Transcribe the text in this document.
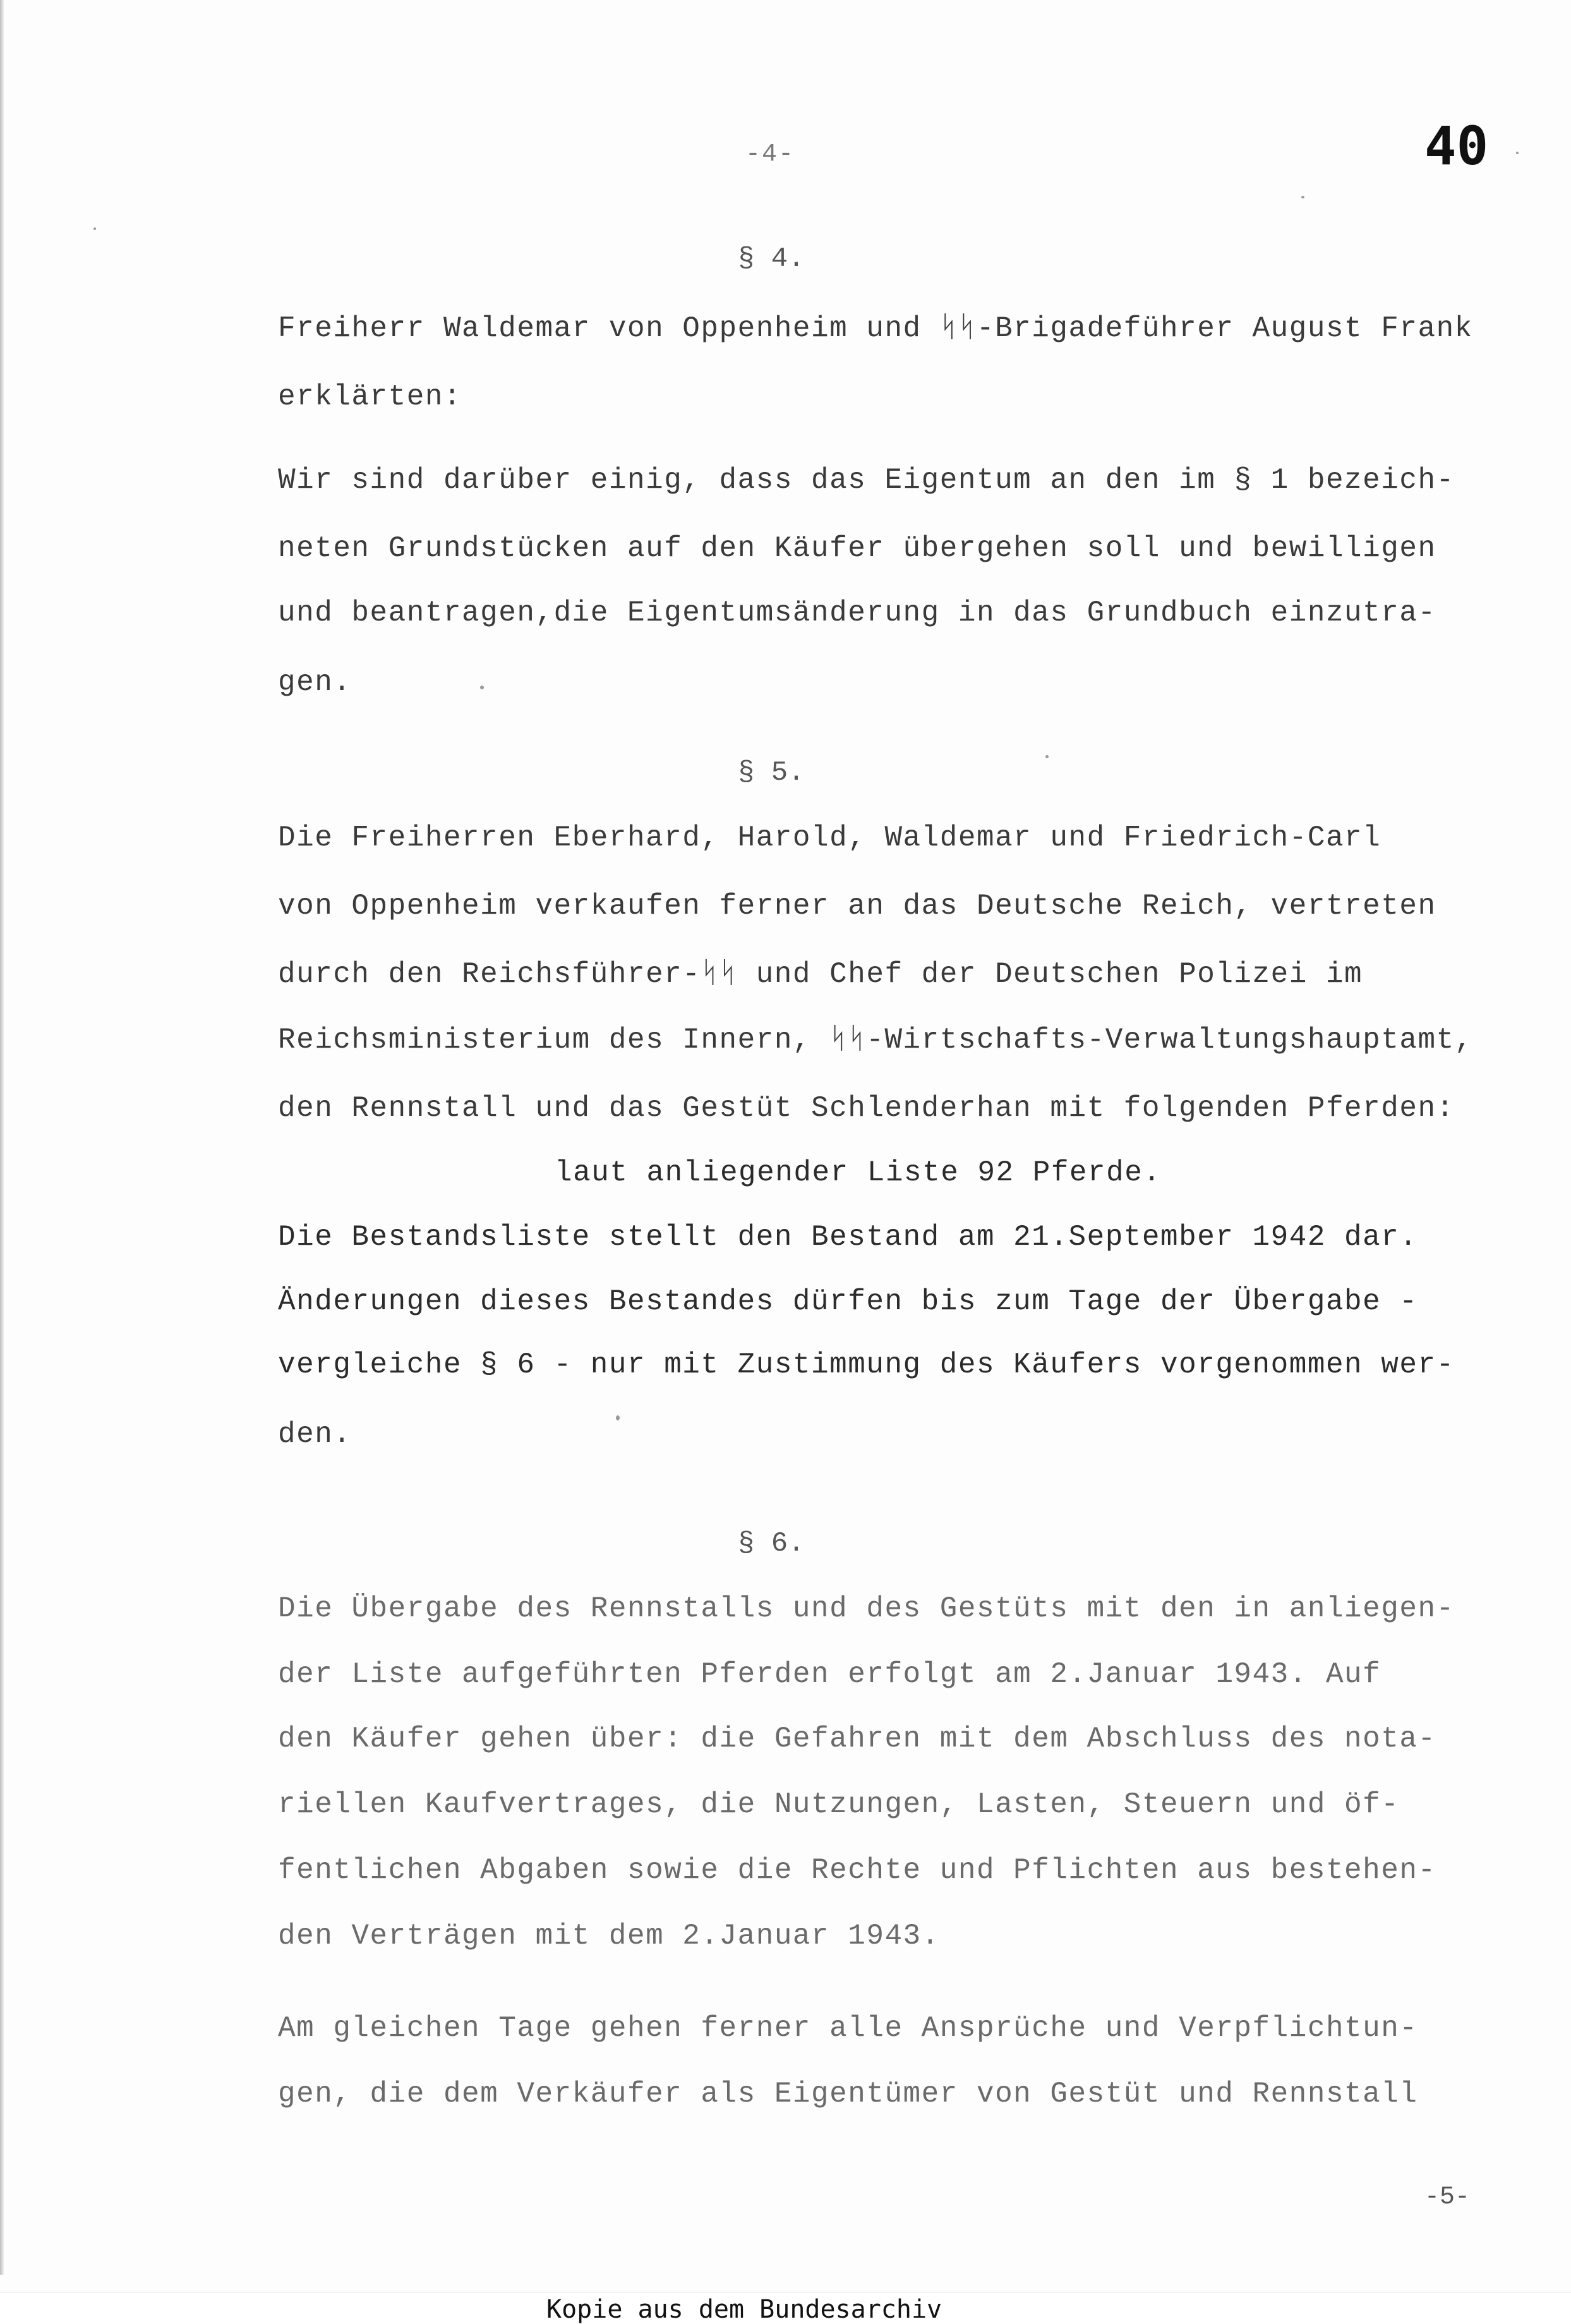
-4-	40
§ 4.
Freiherr Waldemar von Oppenheim und ᛋᛋ-Brigadeführer August Frank
erklärten:
Wir sind darüber einig, dass das Eigentum an den im § 1 bezeich-
neten Grundstücken auf den Käufer übergehen soll und bewilligen
und beantragen,die Eigentumsänderung in das Grundbuch einzutra-
gen.
§ 5.
Die Freiherren Eberhard, Harold, Waldemar und Friedrich-Carl
von Oppenheim verkaufen ferner an das Deutsche Reich, vertreten
durch den Reichsführer-ᛋᛋ und Chef der Deutschen Polizei im
Reichsministerium des Innern, ᛋᛋ-Wirtschafts-Verwaltungshauptamt,
den Rennstall und das Gestüt Schlenderhan mit folgenden Pferden:
laut anliegender Liste 92 Pferde.
Die Bestandsliste stellt den Bestand am 21.September 1942 dar.
Änderungen dieses Bestandes dürfen bis zum Tage der Übergabe -
vergleiche § 6 - nur mit Zustimmung des Käufers vorgenommen wer-
den.
§ 6.
Die Übergabe des Rennstalls und des Gestüts mit den in anliegen-
der Liste aufgeführten Pferden erfolgt am 2.Januar 1943. Auf
den Käufer gehen über: die Gefahren mit dem Abschluss des nota-
riellen Kaufvertrages, die Nutzungen, Lasten, Steuern und öf-
fentlichen Abgaben sowie die Rechte und Pflichten aus bestehen-
den Verträgen mit dem 2.Januar 1943.
Am gleichen Tage gehen ferner alle Ansprüche und Verpflichtun-
gen, die dem Verkäufer als Eigentümer von Gestüt und Rennstall
-5-
Kopie aus dem Bundesarchiv
